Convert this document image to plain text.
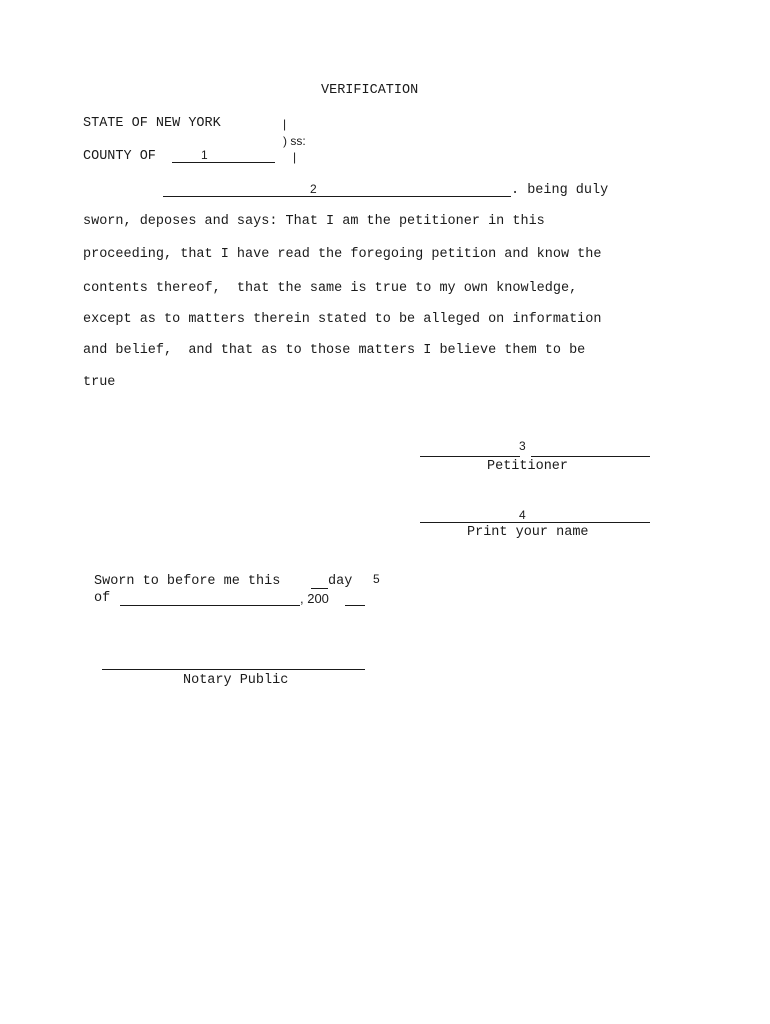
VERIFICATION
STATE OF NEW YORK	|
) ss:
COUNTY OF	1	|
2	. being duly
sworn, deposes and says: That I am the petitioner in this
proceeding, that I have read the foregoing petition and know the
contents thereof,  that the same is true to my own knowledge,
except as to matters therein stated to be alleged on information
and belief,  and that as to those matters I believe them to be
true
3
Petitioner
4
Print your name
Sworn to before me this	day 5
of	, 200
Notary Public
